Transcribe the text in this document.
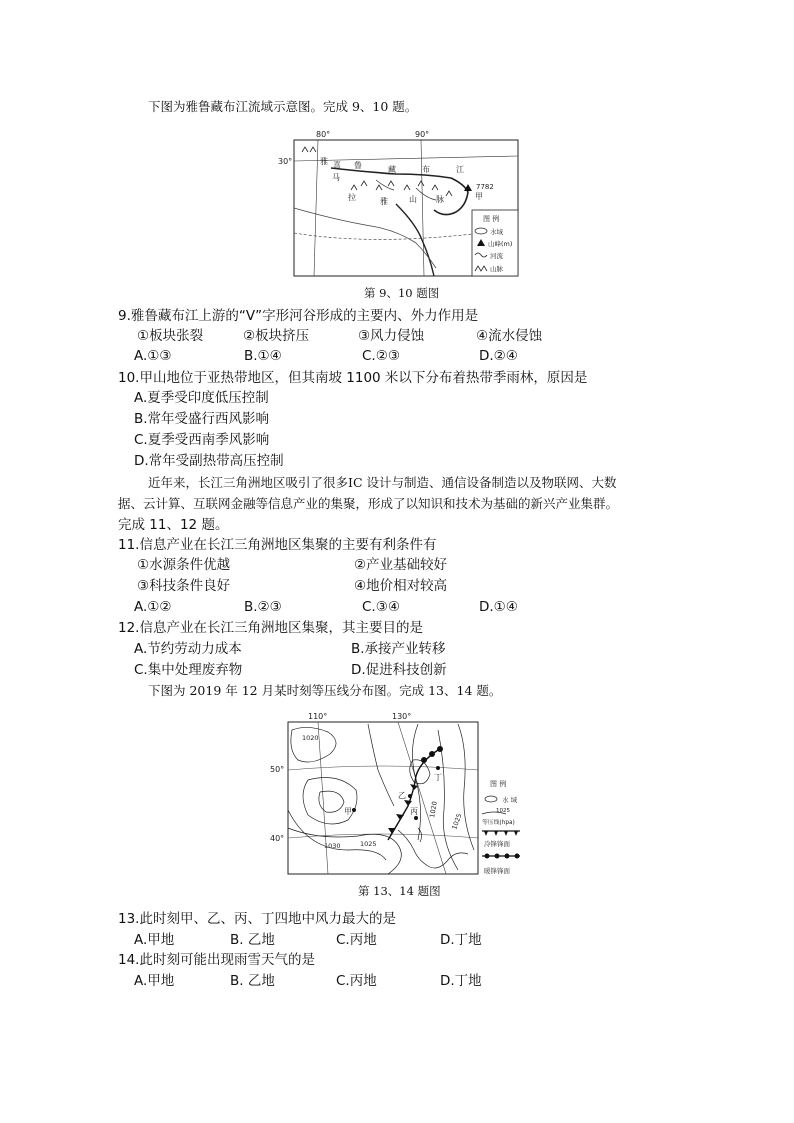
下图为雅鲁藏布江流域示意图。完成 9、10 题。
80°	90°
30°	雅	鲁	藏	布	江
喜
马
拉	雅	山 脉
7782
甲
图 例
水域
山峰(m)
河流
山脉
第 9、10 题图
9.雅鲁藏布江上游的“V”字形河谷形成的主要内、外力作用是
①板块张裂	②板块挤压	③风力侵蚀	④流水侵蚀
A.①③	B.①④	C.②③	D.②④
10.甲山地位于亚热带地区，但其南坡 1100 米以下分布着热带季雨林，原因是
A.夏季受印度低压控制
B.常年受盛行西风影响
C.夏季受西南季风影响
D.常年受副热带高压控制
近年来，长江三角洲地区吸引了很多IC 设计与制造、通信设备制造以及物联网、大数
据、云计算、互联网金融等信息产业的集聚，形成了以知识和技术为基础的新兴产业集群。
完成 11、12 题。
11.信息产业在长江三角洲地区集聚的主要有利条件有
①水源条件优越	②产业基础较好
③科技条件良好	④地价相对较高
A.①②	B.②③	C.③④	D.①④
12.信息产业在长江三角洲地区集聚，其主要目的是
A.节约劳动力成本	B.承接产业转移
C.集中处理废弃物	D.促进科技创新
下图为 2019 年 12 月某时刻等压线分布图。完成 13、14 题。
110°	130°
50°
40°
1020
1030	1025
1020
1025
甲
乙
丙
丁
图 例
水 域
1025
等压线(hpa)
冷锋锋面
暖锋锋面
第 13、14 题图
13.此时刻甲、乙、丙、丁四地中风力最大的是
A.甲地	B. 乙地	C.丙地	D.丁地
14.此时刻可能出现雨雪天气的是
A.甲地	B. 乙地	C.丙地	D.丁地
